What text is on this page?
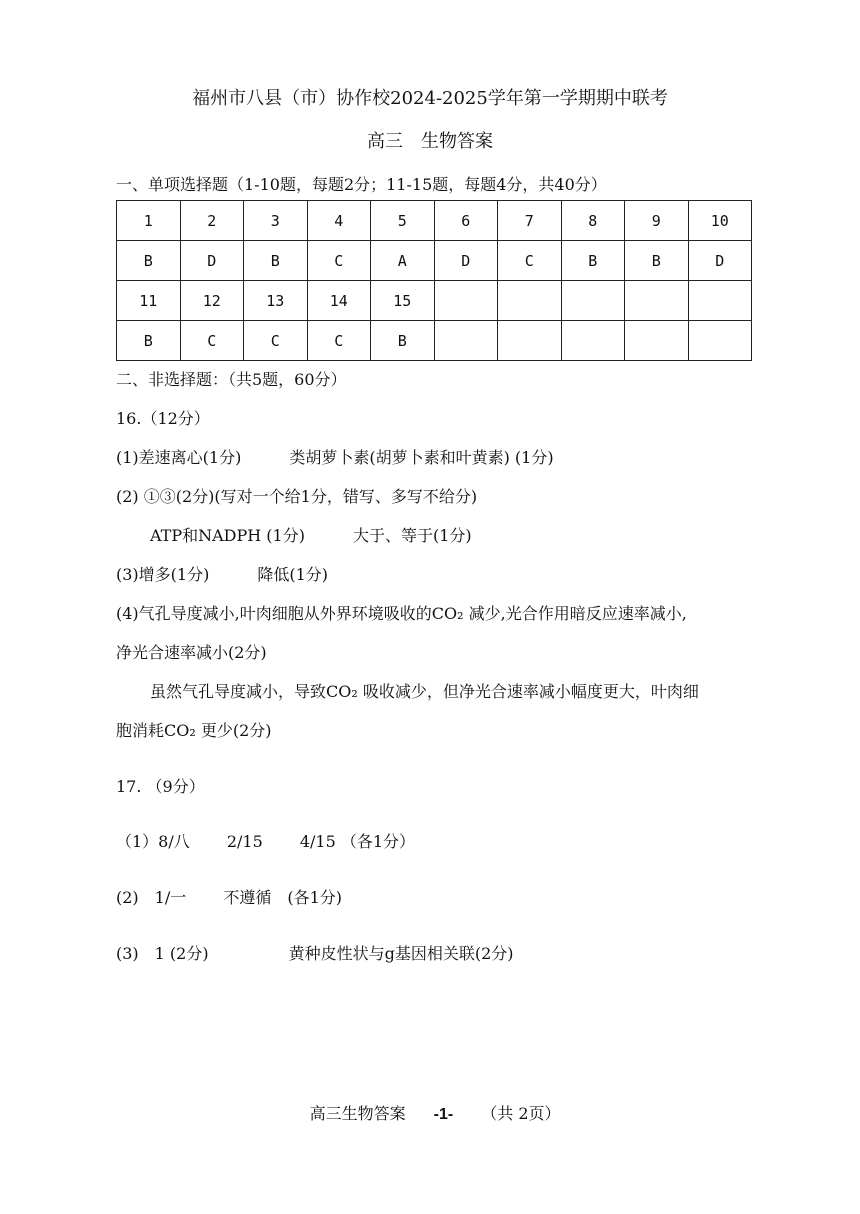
福州市八县（市）协作校2024-2025学年第一学期期中联考
高三　生物答案
一、单项选择题（1-10题，每题2分；11-15题，每题4分，共40分）
1	2	3	4	5	6	7	8	9	10
B	D	B	C	A	D	C	B	B	D
11	12	13	14	15					
B	C	C	C	B					
二、非选择题：（共5题，60分）
16.（12分）
(1)差速离心(1分)　　　类胡萝卜素(胡萝卜素和叶黄素) (1分)
(2) ①③(2分)(写对一个给1分，错写、多写不给分)
ATP和NADPH (1分)　　　大于、等于(1分)
(3)增多(1分)　　　降低(1分)
(4)气孔导度减小,叶肉细胞从外界环境吸收的CO₂ 减少,光合作用暗反应速率减小,
净光合速率减小(2分)
虽然气孔导度减小，导致CO₂ 吸收减少，但净光合速率减小幅度更大，叶肉细
胞消耗CO₂ 更少(2分)
17. （9分）
（1）8/八　　 2/15　　 4/15 （各1分）
(2)　1/一　　 不遵循　(各1分)
(3)　1 (2分)　　　　　黄种皮性状与g基因相关联(2分)

高三生物答案 -1- （共 2页）
